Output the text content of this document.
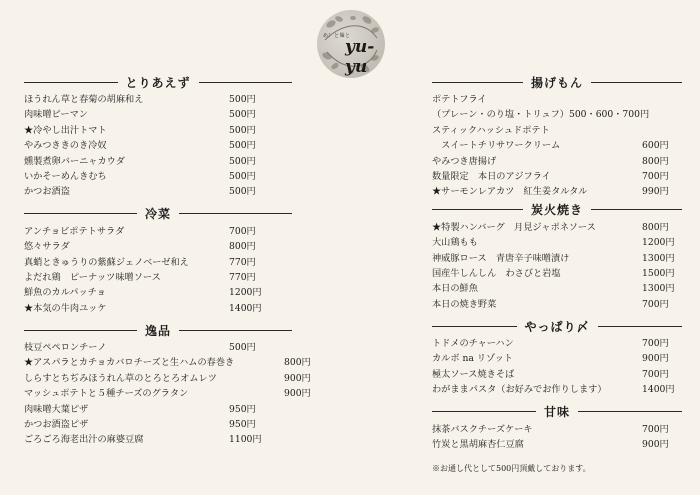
め！と麺と
yu-yu
とりあえず
ほうれん草と春菊の胡麻和え	500円
肉味噌ピーマン	500円
★冷やし出汁トマト	500円
やみつききのき冷奴	500円
燻製煮卵バーニャカウダ	500円
いかそーめんきむち	500円
かつお酒盗	500円
冷菜
アンチョビポテトサラダ	700円
悠々サラダ	800円
真蛸ときゅうりの紫蘇ジェノベーゼ和え	770円
よだれ鶏　ピーナッツ味噌ソース	770円
鮮魚のカルパッチョ	1200円
★本気の牛肉ユッケ	1400円
逸品
枝豆ペペロンチーノ	500円
★アスパラとカチョカバロチーズと生ハムの春巻き	800円
しらすとちぢみほうれん草のとろとろオムレツ	900円
マッシュポテトと５種チーズのグラタン	900円
肉味噌大葉ピザ	950円
かつお酒盗ピザ	950円
ごろごろ海老出汁の麻婆豆腐	1100円
揚げもん
ポテトフライ
（プレーン・のり塩・トリュフ）500・600・700円
スティックハッシュドポテト
　スイートチリサワークリーム	600円
やみつき唐揚げ	800円
数量限定　本日のアジフライ	700円
★サーモンレアカツ　紅生姜タルタル	990円
炭火焼き
★特製ハンバーグ　月見ジャポネソース	800円
大山鶏もも	1200円
神威豚ロース　青唐辛子味噌漬け	1300円
国産牛しんしん　わさびと岩塩	1500円
本日の鮮魚	1300円
本日の焼き野菜	700円
やっぱり〆
トドメのチャーハン	700円
カルボ na リゾット	900円
極太ソース焼きそば	700円
わがままパスタ（お好みでお作りします）	1400円
甘味
抹茶バスクチーズケーキ	700円
竹炭と黒胡麻杏仁豆腐	900円
※お通し代として500円頂戴しております。
